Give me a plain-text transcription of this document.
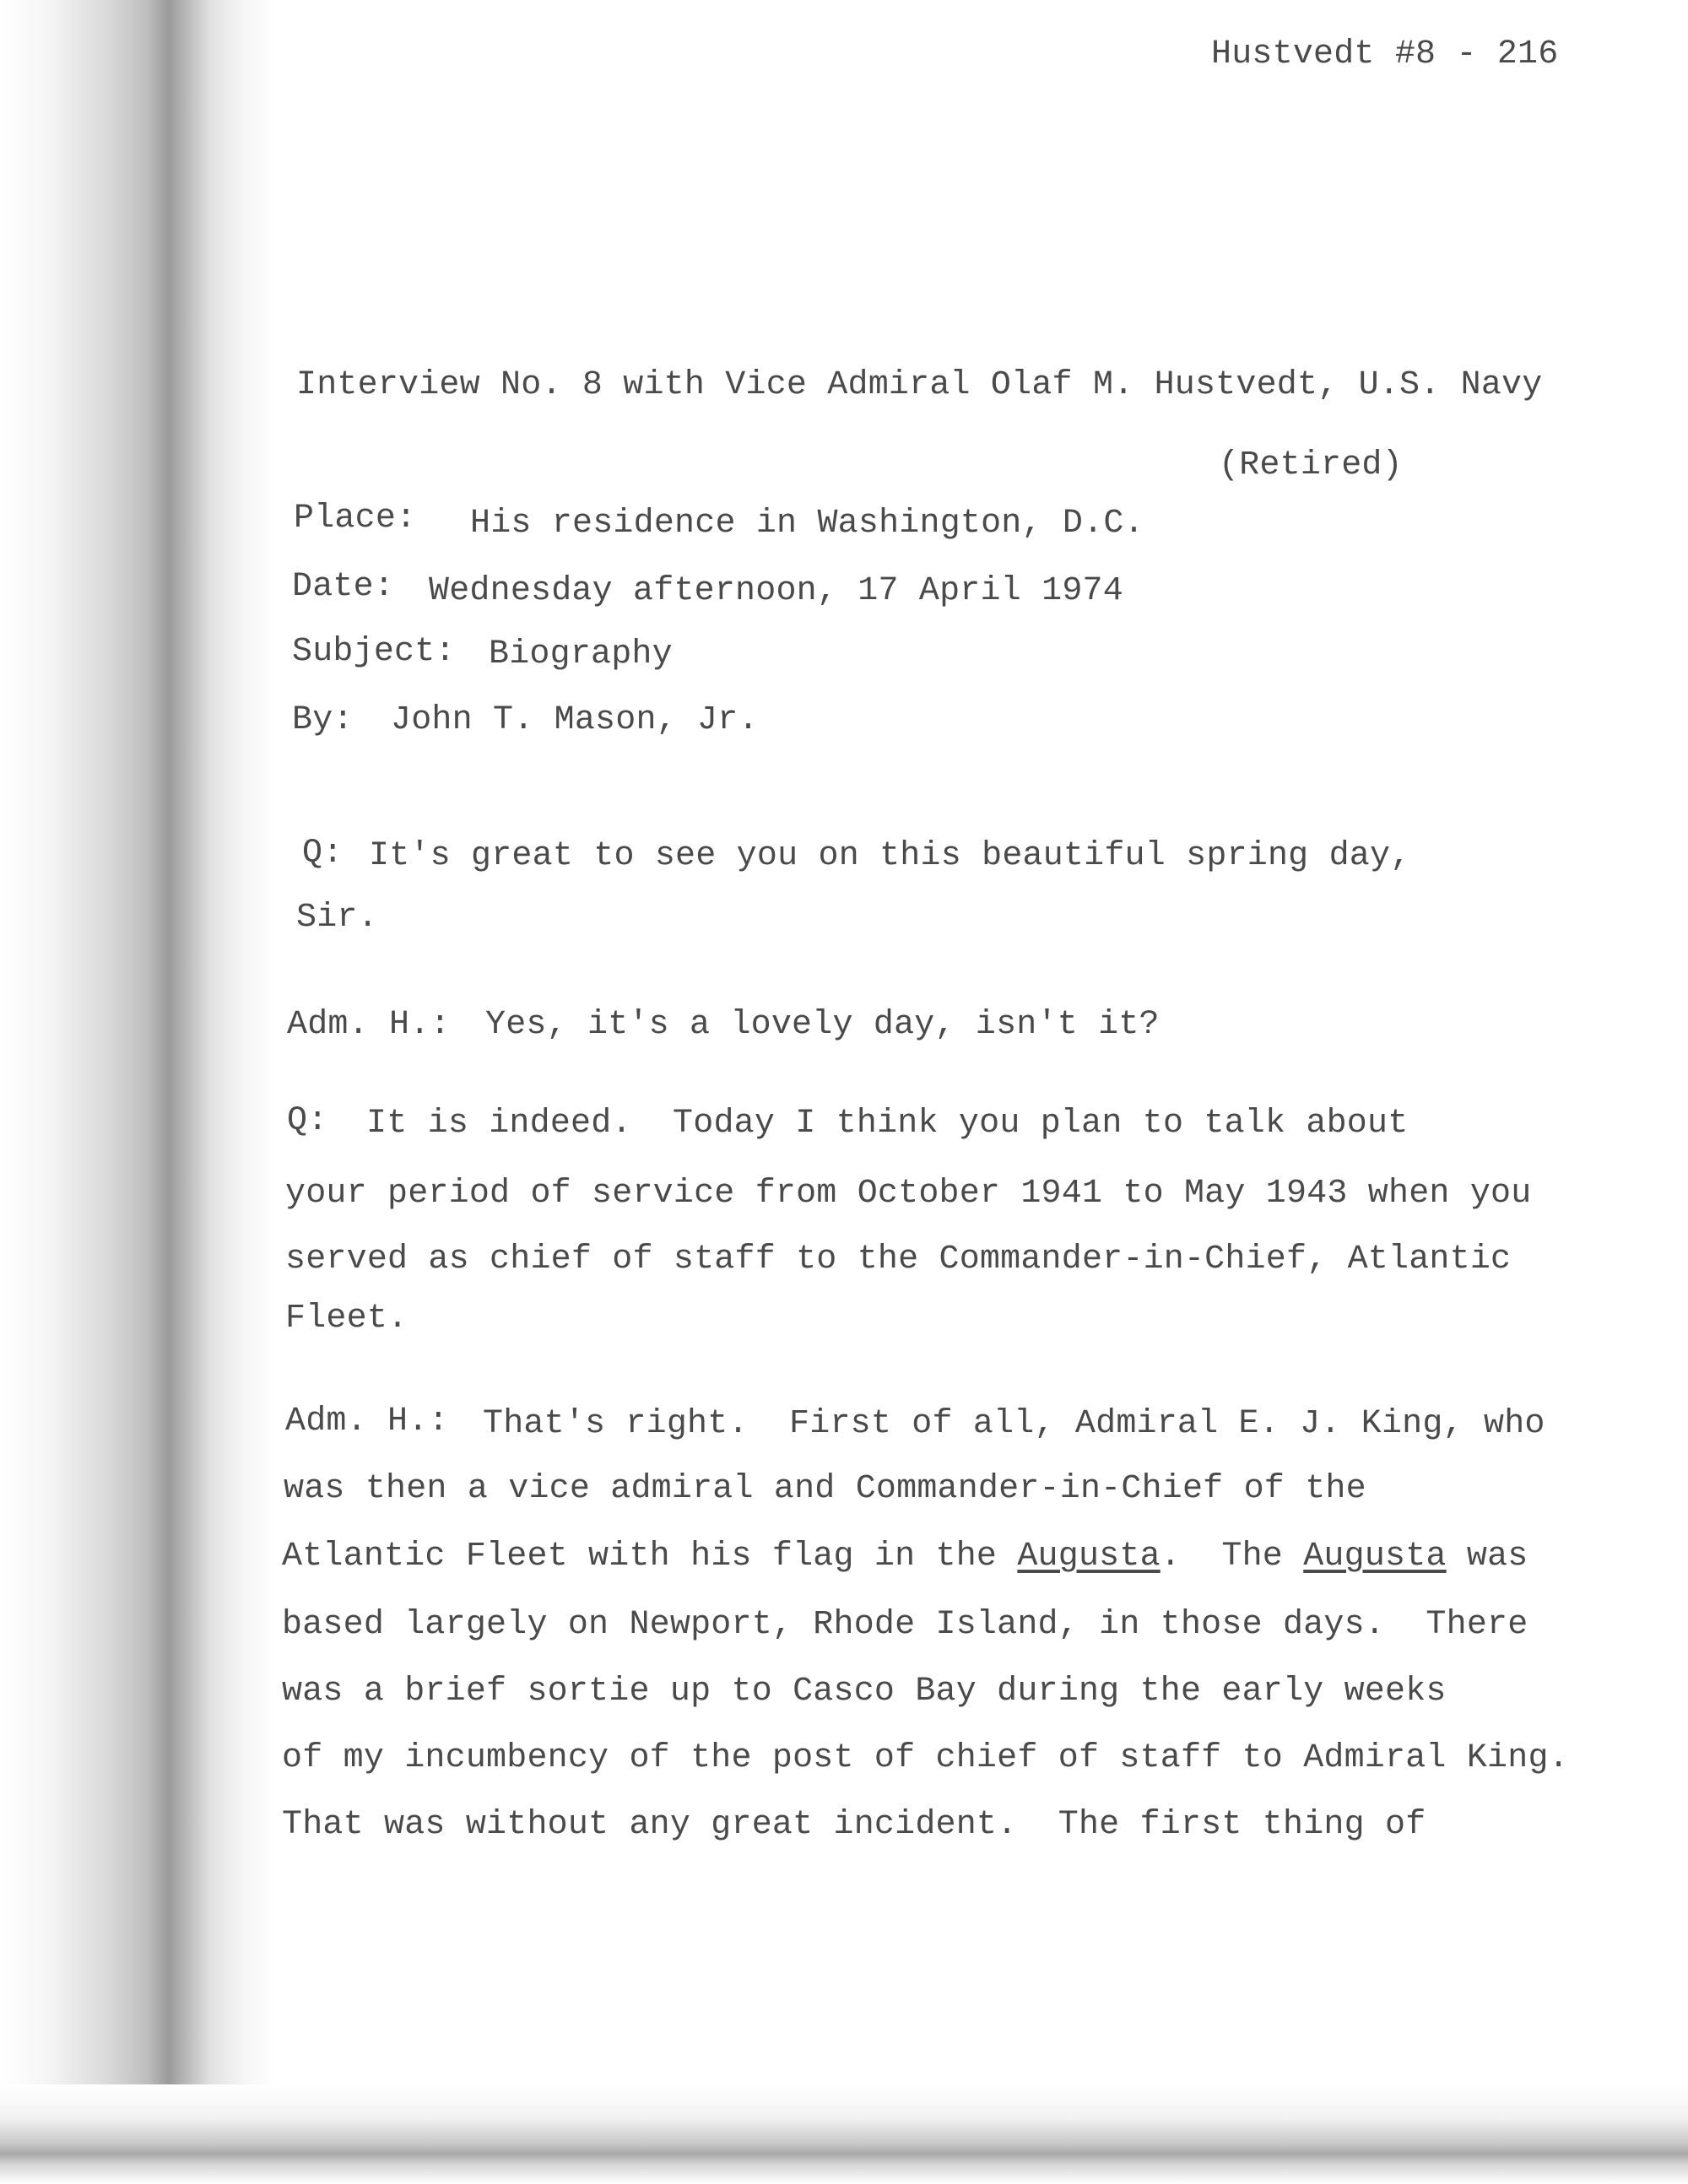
Hustvedt #8 - 216
Interview No. 8 with Vice Admiral Olaf M. Hustvedt, U.S. Navy
(Retired)
Place: His residence in Washington, D.C.
Date: Wednesday afternoon, 17 April 1974
Subject: Biography
By: John T. Mason, Jr.
Q: It's great to see you on this beautiful spring day,
Sir.
Adm. H.: Yes, it's a lovely day, isn't it?
Q: It is indeed.  Today I think you plan to talk about
your period of service from October 1941 to May 1943 when you
served as chief of staff to the Commander-in-Chief, Atlantic
Fleet.
Adm. H.: That's right.  First of all, Admiral E. J. King, who
was then a vice admiral and Commander-in-Chief of the
Atlantic Fleet with his flag in the Augusta.  The Augusta was
based largely on Newport, Rhode Island, in those days.  There
was a brief sortie up to Casco Bay during the early weeks
of my incumbency of the post of chief of staff to Admiral King.
That was without any great incident.  The first thing of
